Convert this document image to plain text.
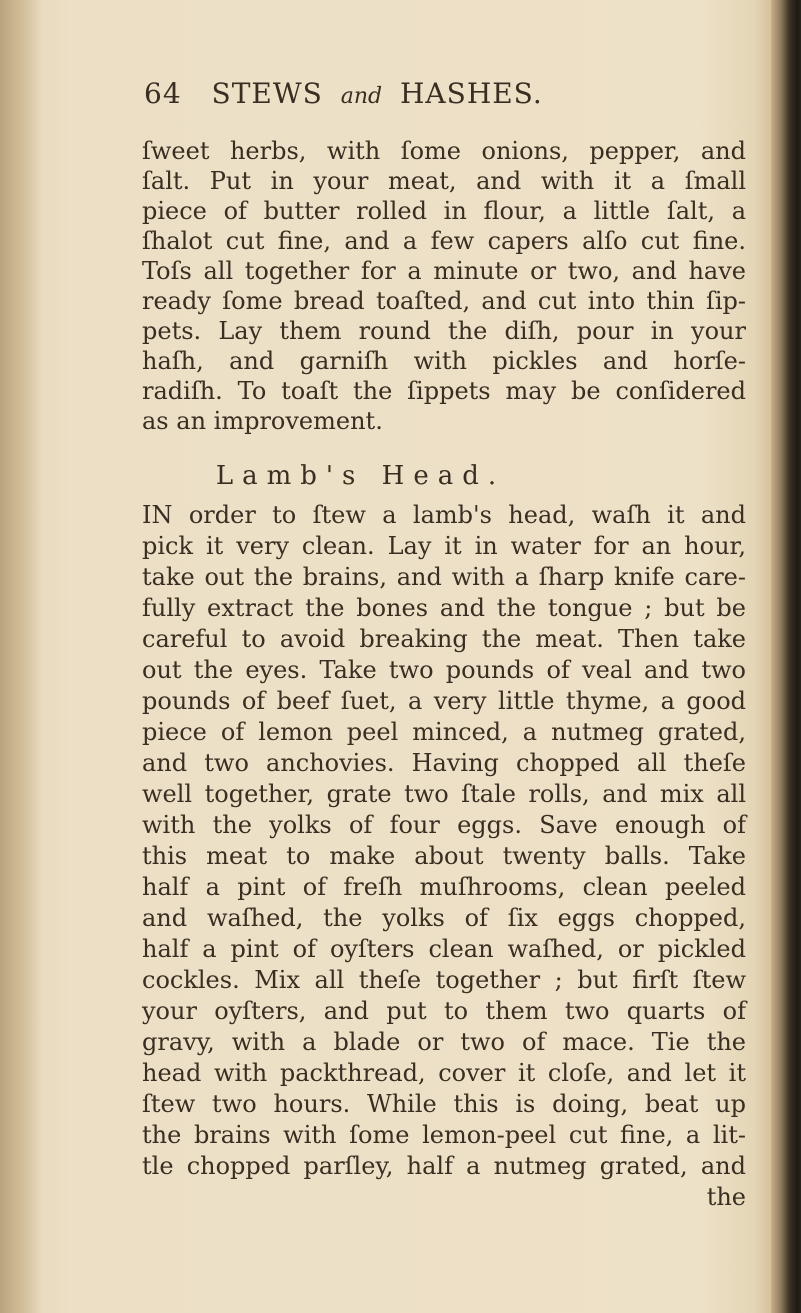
64 STEWS and HASHES.
ſweet herbs, with ſome onions, pepper, and
ſalt. Put in your meat, and with it a ſmall
piece of butter rolled in flour, a little ſalt, a
ſhalot cut fine, and a few capers alſo cut fine.
Toſs all together for a minute or two, and have
ready ſome bread toaſted, and cut into thin ſip-
pets. Lay them round the diſh, pour in your
haſh, and garniſh with pickles and horſe-
radiſh. To toaſt the ſippets may be conſidered
as an improvement.
Lamb's Head.
IN order to ſtew a lamb's head, waſh it and
pick it very clean. Lay it in water for an hour,
take out the brains, and with a ſharp knife care-
fully extract the bones and the tongue ; but be
careful to avoid breaking the meat. Then take
out the eyes. Take two pounds of veal and two
pounds of beef ſuet, a very little thyme, a good
piece of lemon peel minced, a nutmeg grated,
and two anchovies. Having chopped all theſe
well together, grate two ſtale rolls, and mix all
with the yolks of four eggs. Save enough of
this meat to make about twenty balls. Take
half a pint of freſh muſhrooms, clean peeled
and waſhed, the yolks of ſix eggs chopped,
half a pint of oyſters clean waſhed, or pickled
cockles. Mix all theſe together ; but firſt ſtew
your oyſters, and put to them two quarts of
gravy, with a blade or two of mace. Tie the
head with packthread, cover it cloſe, and let it
ſtew two hours. While this is doing, beat up
the brains with ſome lemon-peel cut fine, a lit-
tle chopped parſley, half a nutmeg grated, and
the
